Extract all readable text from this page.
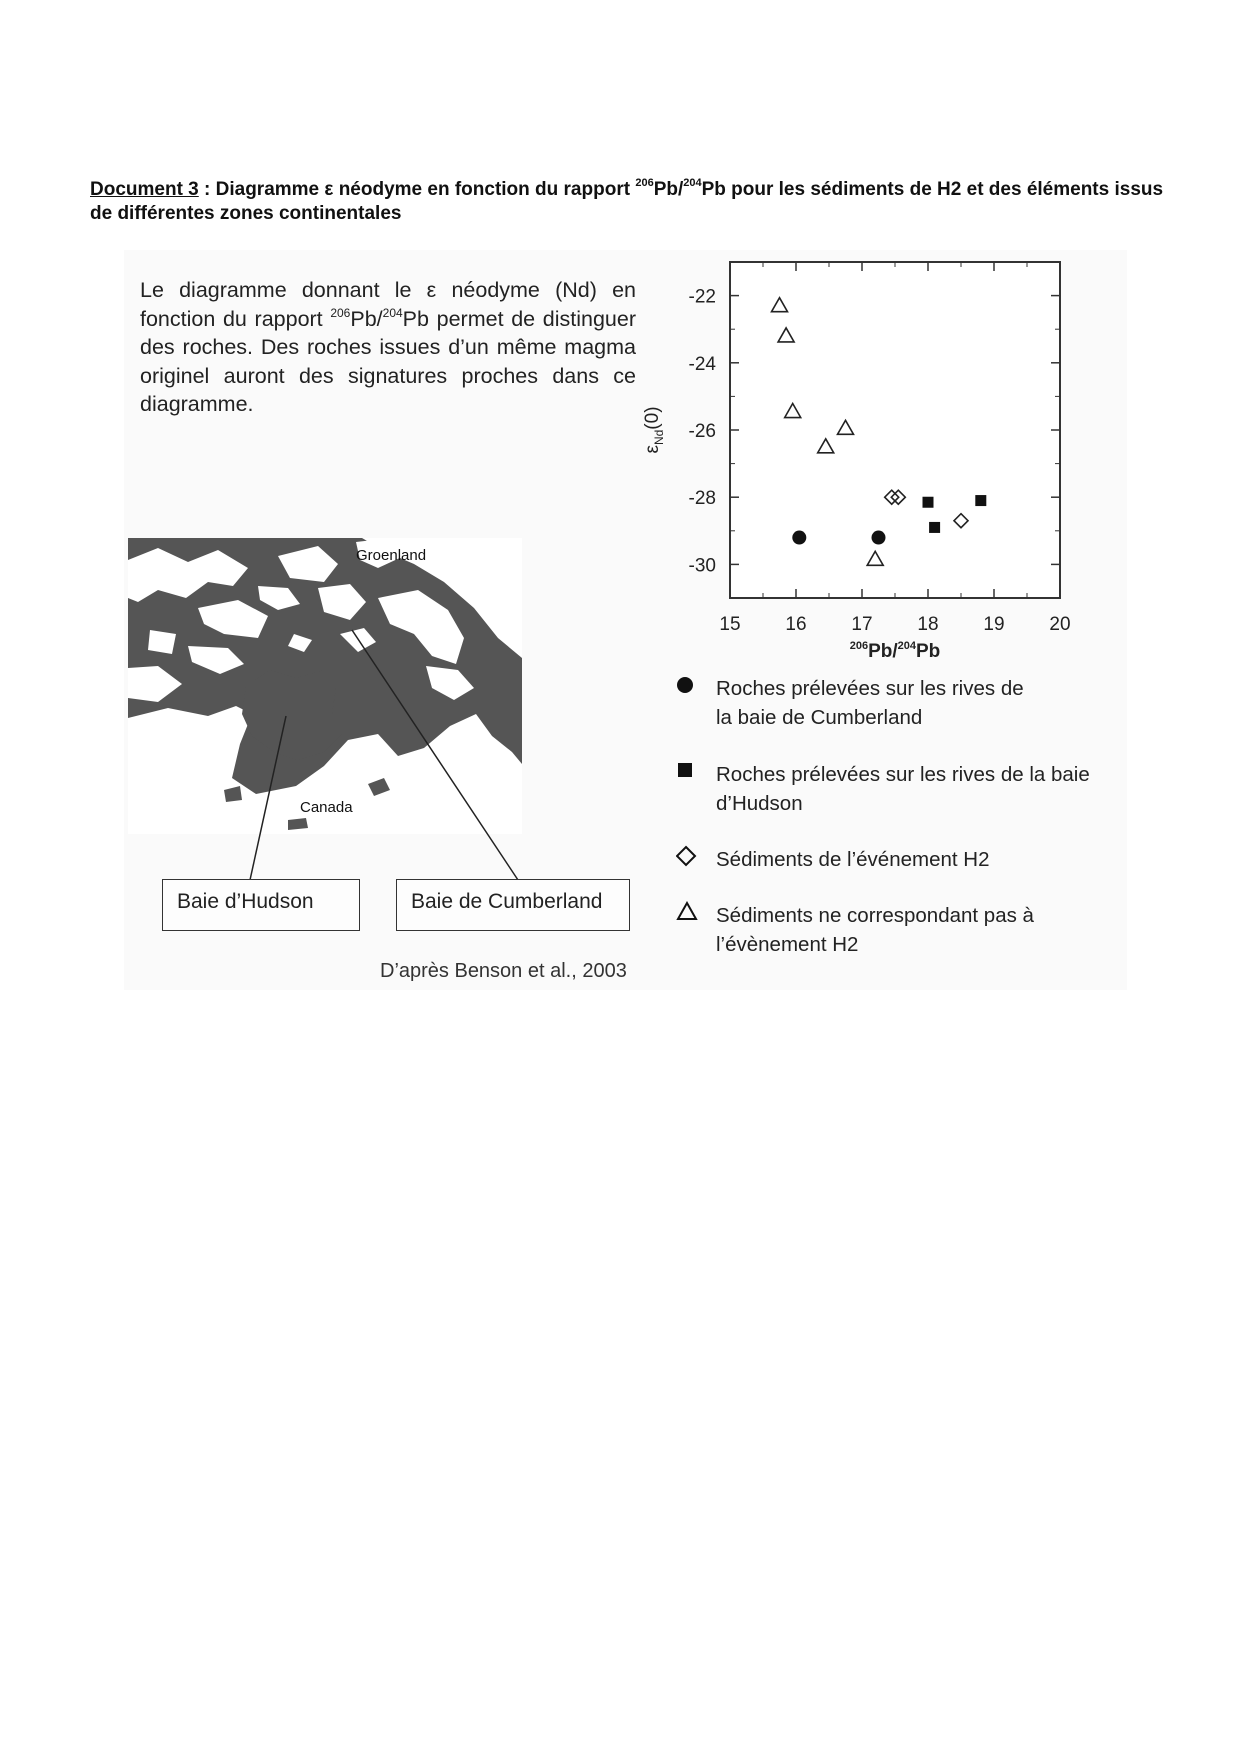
Document 3 : Diagramme ε néodyme en fonction du rapport $^{206}$Pb/$^{204}$Pb pour les sédiments de H2 et des éléments issus de différentes zones continentales
Le diagramme donnant le ε néodyme (Nd) en fonction du rapport $^{206}$Pb/$^{204}$Pb permet de distinguer des roches. Des roches issues d’un même magma originel auront des signatures proches dans ce diagramme.
Groenland
Canada
Baie d’Hudson	Baie de Cumberland
D’après Benson et al., 2003
-22
-24
-26
-28
-30
15 16 17 18 19 20
$^{206}$Pb/$^{204}$Pb
$\varepsilon_{Nd}(0)$
Roches prélevées sur les rives de
la baie de Cumberland
Roches prélevées sur les rives de la baie
d’Hudson
Sédiments de l’événement H2
Sédiments ne correspondant pas à
l’évènement H2
